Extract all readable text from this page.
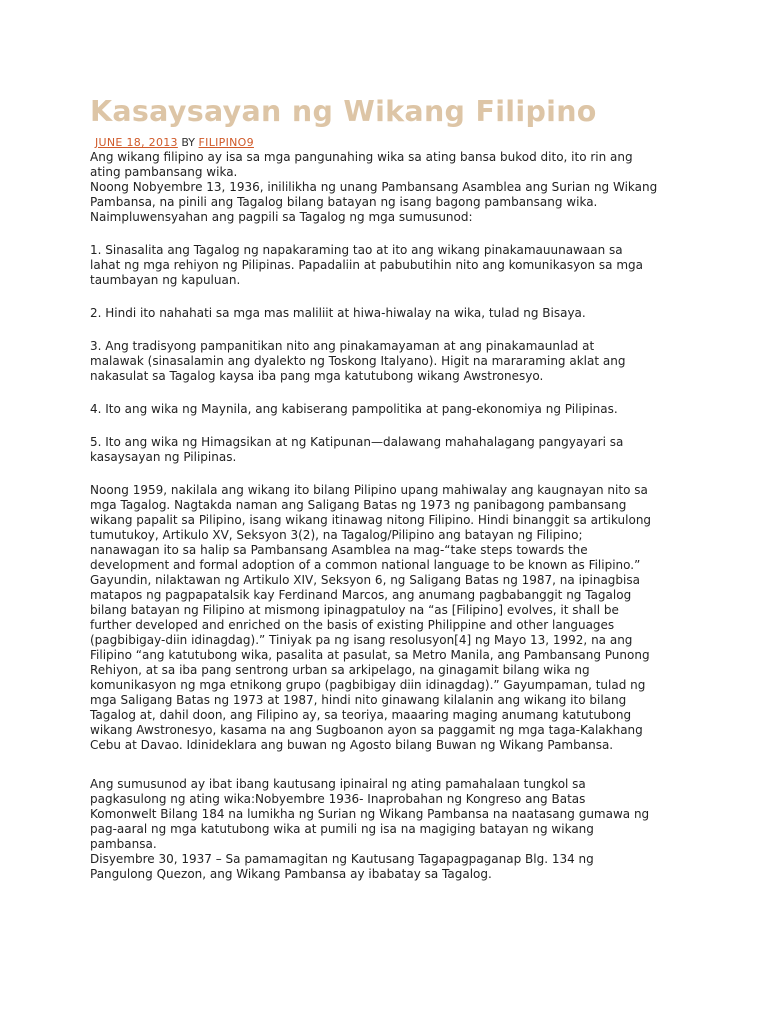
Kasaysayan ng Wikang Filipino
JUNE 18, 2013 BY FILIPINO9

Ang wikang filipino ay isa sa mga pangunahing wika sa ating bansa bukod dito, ito rin ang
ating pambansang wika.

Noong Nobyembre 13, 1936, inililikha ng unang Pambansang Asamblea ang Surian ng Wikang
Pambansa, na pinili ang Tagalog bilang batayan ng isang bagong pambansang wika.
Naimpluwensyahan ang pagpili sa Tagalog ng mga sumusunod:

1. Sinasalita ang Tagalog ng napakaraming tao at ito ang wikang pinakamauunawaan sa
lahat ng mga rehiyon ng Pilipinas. Papadaliin at pabubutihin nito ang komunikasyon sa mga
taumbayan ng kapuluan.

2. Hindi ito nahahati sa mga mas maliliit at hiwa-hiwalay na wika, tulad ng Bisaya.

3. Ang tradisyong pampanitikan nito ang pinakamayaman at ang pinakamaunlad at
malawak (sinasalamin ang dyalekto ng Toskong Italyano). Higit na mararaming aklat ang
nakasulat sa Tagalog kaysa iba pang mga katutubong wikang Awstronesyo.

4. Ito ang wika ng Maynila, ang kabiserang pampolitika at pang-ekonomiya ng Pilipinas.

5. Ito ang wika ng Himagsikan at ng Katipunan—dalawang mahahalagang pangyayari sa
kasaysayan ng Pilipinas.

Noong 1959, nakilala ang wikang ito bilang Pilipino upang mahiwalay ang kaugnayan nito sa
mga Tagalog. Nagtakda naman ang Saligang Batas ng 1973 ng panibagong pambansang
wikang papalit sa Pilipino, isang wikang itinawag nitong Filipino. Hindi binanggit sa artikulong
tumutukoy, Artikulo XV, Seksyon 3(2), na Tagalog/Pilipino ang batayan ng Filipino;
nanawagan ito sa halip sa Pambansang Asamblea na mag-“take steps towards the
development and formal adoption of a common national language to be known as Filipino.”
Gayundin, nilaktawan ng Artikulo XIV, Seksyon 6, ng Saligang Batas ng 1987, na ipinagbisa
matapos ng pagpapatalsik kay Ferdinand Marcos, ang anumang pagbabanggit ng Tagalog
bilang batayan ng Filipino at mismong ipinagpatuloy na “as [Filipino] evolves, it shall be
further developed and enriched on the basis of existing Philippine and other languages
(pagbibigay-diin idinagdag).” Tiniyak pa ng isang resolusyon[4] ng Mayo 13, 1992, na ang
Filipino “ang katutubong wika, pasalita at pasulat, sa Metro Manila, ang Pambansang Punong
Rehiyon, at sa iba pang sentrong urban sa arkipelago, na ginagamit bilang wika ng
komunikasyon ng mga etnikong grupo (pagbibigay diin idinagdag).” Gayumpaman, tulad ng
mga Saligang Batas ng 1973 at 1987, hindi nito ginawang kilalanin ang wikang ito bilang
Tagalog at, dahil doon, ang Filipino ay, sa teoriya, maaaring maging anumang katutubong
wikang Awstronesyo, kasama na ang Sugboanon ayon sa paggamit ng mga taga-Kalakhang
Cebu at Davao. Idinideklara ang buwan ng Agosto bilang Buwan ng Wikang Pambansa.

Ang sumusunod ay ibat ibang kautusang ipinairal ng ating pamahalaan tungkol sa
pagkasulong ng ating wika:Nobyembre 1936- Inaprobahan ng Kongreso ang Batas
Komonwelt Bilang 184 na lumikha ng Surian ng Wikang Pambansa na naatasang gumawa ng
pag-aaral ng mga katutubong wika at pumili ng isa na magiging batayan ng wikang
pambansa.

Disyembre 30, 1937 – Sa pamamagitan ng Kautusang Tagapagpaganap Blg. 134 ng
Pangulong Quezon, ang Wikang Pambansa ay ibabatay sa Tagalog.
